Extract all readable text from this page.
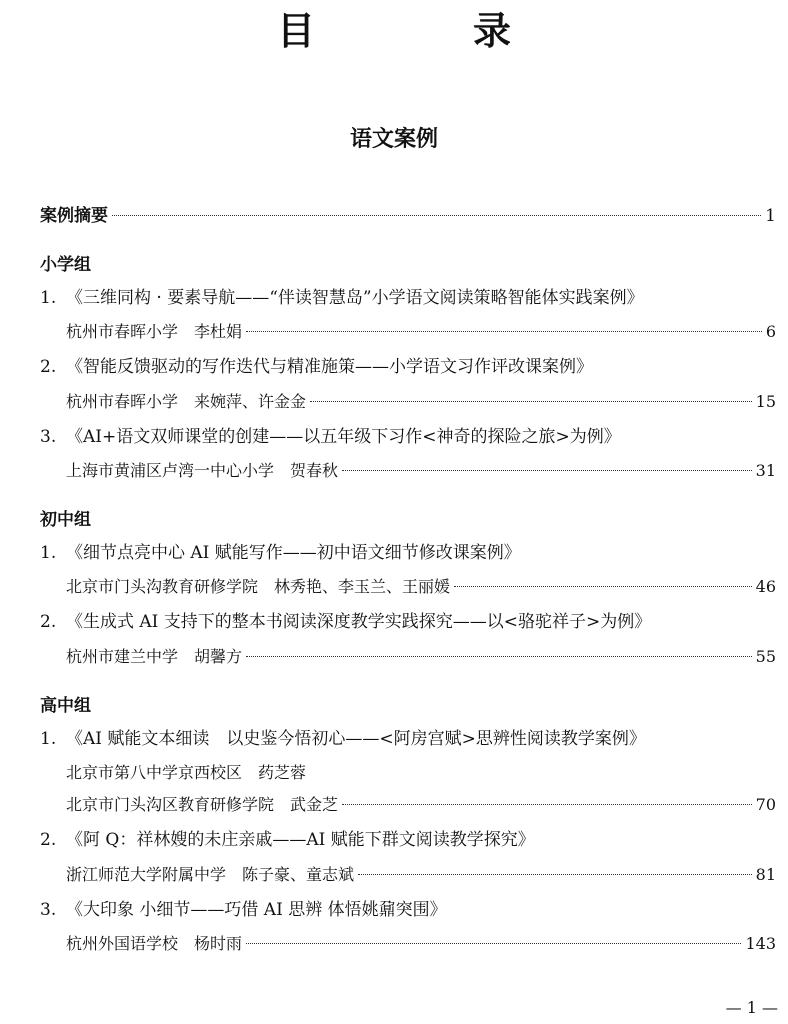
目　录
语文案例
案例摘要	1
小学组
1. 《三维同构 · 要素导航——“伴读智慧岛”小学语文阅读策略智能体实践案例》
杭州市春晖小学　李杜娟	6
2. 《智能反馈驱动的写作迭代与精准施策——小学语文习作评改课案例》
杭州市春晖小学　来婉萍、许金金	15
3. 《AI+语文双师课堂的创建——以五年级下习作<神奇的探险之旅>为例》
上海市黄浦区卢湾一中心小学　贺春秋	31
初中组
1. 《细节点亮中心 AI 赋能写作——初中语文细节修改课案例》
北京市门头沟教育研修学院　林秀艳、李玉兰、王丽媛	46
2. 《生成式 AI 支持下的整本书阅读深度教学实践探究——以<骆驼祥子>为例》
杭州市建兰中学　胡馨方	55
高中组
1. 《AI 赋能文本细读　以史鉴今悟初心——<阿房宫赋>思辨性阅读教学案例》
北京市第八中学京西校区　药芝蓉
北京市门头沟区教育研修学院　武金芝	70
2. 《阿 Q：祥林嫂的未庄亲戚——AI 赋能下群文阅读教学探究》
浙江师范大学附属中学　陈子豪、童志斌	81
3. 《大印象 小细节——巧借 AI 思辨 体悟姚鼐突围》
杭州外国语学校　杨时雨	143
— 1 —
